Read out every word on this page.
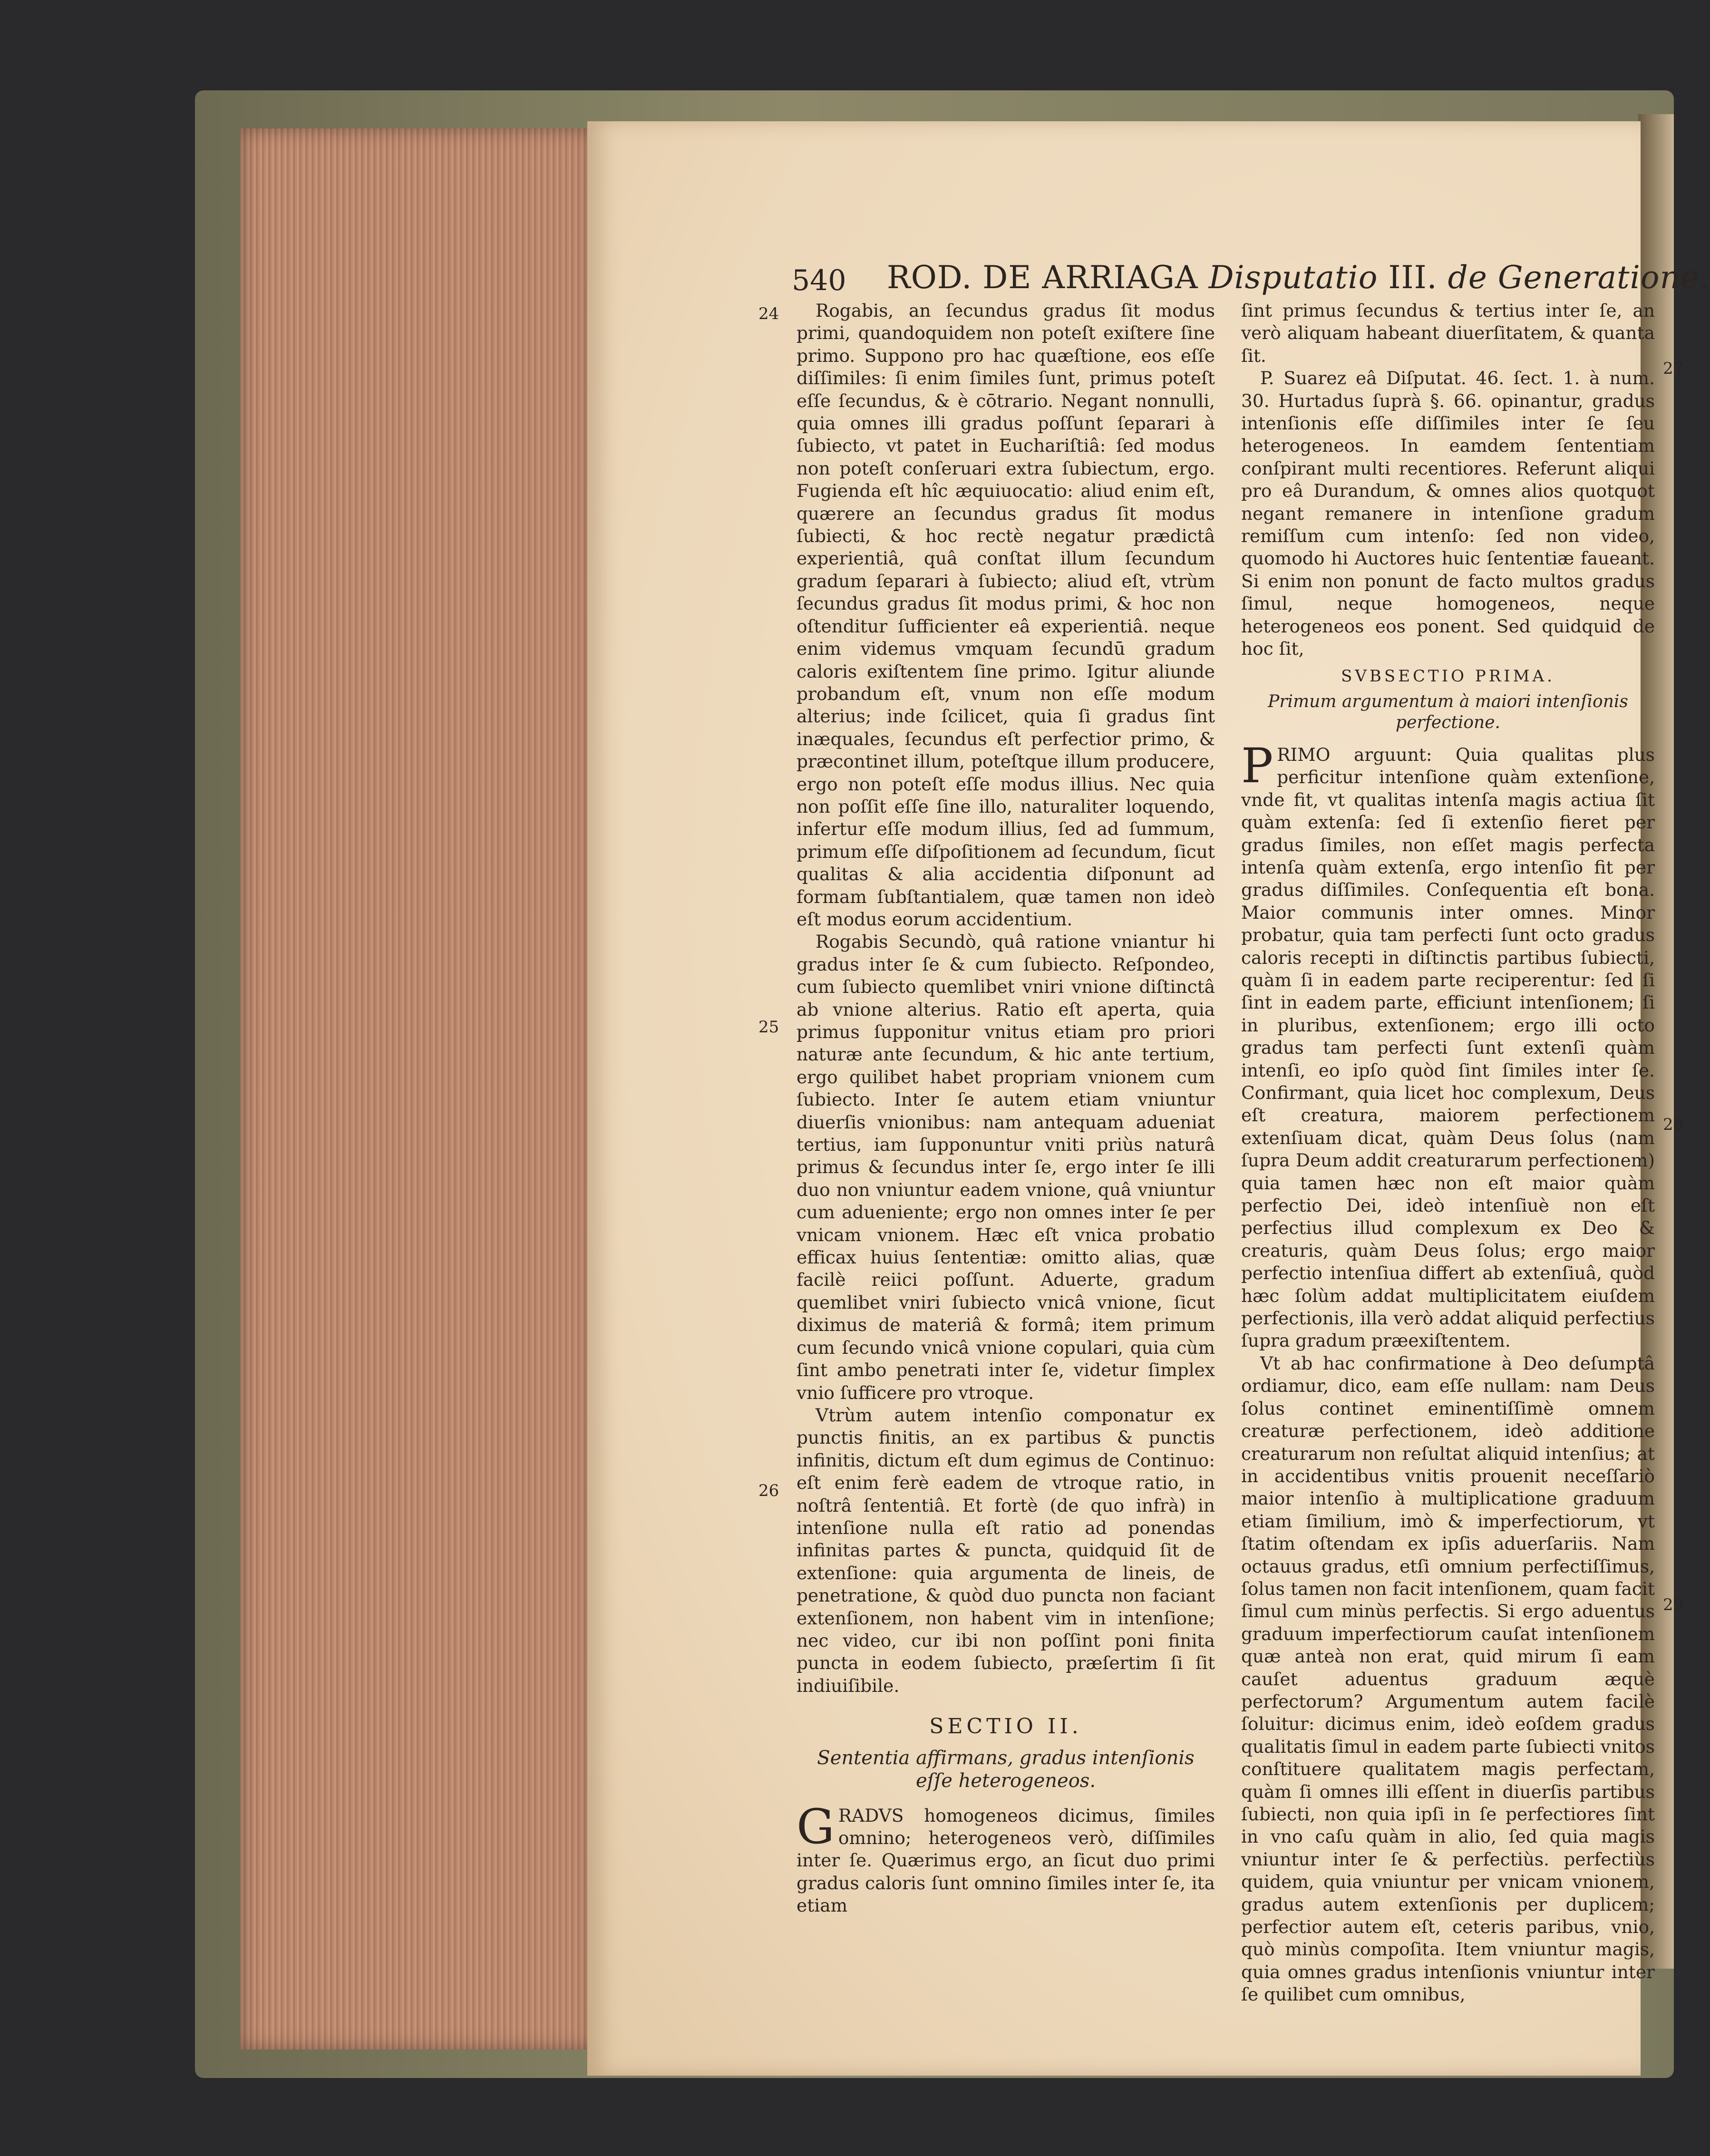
540 ROD. DE ARRIAGA Disputatio III. de Generatione.
24
25
26
27
28
29

Rogabis, an ſecundus gradus ſit modus primi, quandoquidem non poteſt exiſtere ſine primo. Suppono pro hac quæſtione, eos eſſe diſſimiles: ſi enim ſimiles ſunt, primus poteſt eſſe ſecundus, & è cōtrario. Negant nonnulli, quia omnes illi gradus poſſunt ſeparari à ſubiecto, vt patet in Euchariſtiâ: ſed modus non poteſt conſeruari extra ſubiectum, ergo. Fugienda eſt hîc æquiuocatio: aliud enim eſt, quærere an ſecundus gradus ſit modus ſubiecti, & hoc rectè negatur prædictâ experientiâ, quâ conſtat illum ſecundum gradum ſeparari à ſubiecto; aliud eſt, vtrùm ſecundus gradus ſit modus primi, & hoc non oſtenditur ſufficienter eâ experientiâ. neque enim videmus vmquam ſecundū gradum caloris exiſtentem ſine primo. Igitur aliunde probandum eſt, vnum non eſſe modum alterius; inde ſcilicet, quia ſi gradus ſint inæquales, ſecundus eſt perfectior primo, & præcontinet illum, poteſtque illum producere, ergo non poteſt eſſe modus illius. Nec quia non poſſit eſſe ſine illo, naturaliter loquendo, infertur eſſe modum illius, ſed ad ſummum, primum eſſe diſpoſitionem ad ſecundum, ſicut qualitas & alia accidentia diſponunt ad formam ſubſtantialem, quæ tamen non ideò eſt modus eorum accidentium.

Rogabis Secundò, quâ ratione vniantur hi gradus inter ſe & cum ſubiecto. Reſpondeo, cum ſubiecto quemlibet vniri vnione diſtinctâ ab vnione alterius. Ratio eſt aperta, quia primus ſupponitur vnitus etiam pro priori naturæ ante ſecundum, & hic ante tertium, ergo quilibet habet propriam vnionem cum ſubiecto. Inter ſe autem etiam vniuntur diuerſis vnionibus: nam antequam adueniat tertius, iam ſupponuntur vniti priùs naturâ primus & ſecundus inter ſe, ergo inter ſe illi duo non vniuntur eadem vnione, quâ vniuntur cum adueniente; ergo non omnes inter ſe per vnicam vnionem. Hæc eſt vnica probatio efficax huius ſententiæ: omitto alias, quæ facilè reiici poſſunt. Aduerte, gradum quemlibet vniri ſubiecto vnicâ vnione, ſicut diximus de materiâ & formâ; item primum cum ſecundo vnicâ vnione copulari, quia cùm ſint ambo penetrati inter ſe, videtur ſimplex vnio ſufficere pro vtroque.

Vtrùm autem intenſio componatur ex punctis finitis, an ex partibus & punctis infinitis, dictum eſt dum egimus de Continuo: eſt enim ferè eadem de vtroque ratio, in noſtrâ ſententiâ. Et fortè (de quo infrà) in intenſione nulla eſt ratio ad ponendas infinitas partes & puncta, quidquid ſit de extenſione: quia argumenta de lineis, de penetratione, & quòd duo puncta non faciant extenſionem, non habent vim in intenſione; nec video, cur ibi non poſſint poni finita puncta in eodem ſubiecto, præſertim ſi ſit indiuiſibile.

SECTIO II.
Sententia affirmans, gradus intenſionis eſſe heterogeneos.

GRADVS homogeneos dicimus, ſimiles omnino; heterogeneos verò, diſſimiles inter ſe. Quærimus ergo, an ſicut duo primi gradus caloris ſunt omnino ſimiles inter ſe, ita etiam

ſint primus ſecundus & tertius inter ſe, an verò aliquam habeant diuerſitatem, & quanta ſit.

P. Suarez eâ Diſputat. 46. ſect. 1. à num. 30. Hurtadus ſuprà §. 66. opinantur, gradus intenſionis eſſe diſſimiles inter ſe ſeu heterogeneos. In eamdem ſententiam conſpirant multi recentiores. Referunt aliqui pro eâ Durandum, & omnes alios quotquot negant remanere in intenſione gradum remiſſum cum intenſo: ſed non video, quomodo hi Auctores huic ſententiæ faueant. Si enim non ponunt de facto multos gradus ſimul, neque homogeneos, neque heterogeneos eos ponent. Sed quidquid de hoc ſit,

SVBSECTIO PRIMA.
Primum argumentum à maiori intenſionis perfectione.

PRIMO arguunt: Quia qualitas plus perficitur intenſione quàm extenſione, vnde fit, vt qualitas intenſa magis actiua ſit quàm extenſa: ſed ſi extenſio fieret per gradus ſimiles, non eſſet magis perfecta intenſa quàm extenſa, ergo intenſio fit per gradus diſſimiles. Conſequentia eſt bona. Maior communis inter omnes. Minor probatur, quia tam perfecti ſunt octo gradus caloris recepti in diſtinctis partibus ſubiecti, quàm ſi in eadem parte reciperentur: ſed ſi ſint in eadem parte, efficiunt intenſionem; ſi in pluribus, extenſionem; ergo illi octo gradus tam perfecti ſunt extenſi quàm intenſi, eo ipſo quòd ſint ſimiles inter ſe. Confirmant, quia licet hoc complexum, Deus eſt creatura, maiorem perfectionem extenſiuam dicat, quàm Deus ſolus (nam ſupra Deum addit creaturarum perfectionem) quia tamen hæc non eſt maior quàm perfectio Dei, ideò intenſiuè non eſt perfectius illud complexum ex Deo & creaturis, quàm Deus ſolus; ergo maior perfectio intenſiua differt ab extenſiuâ, quòd hæc ſolùm addat multiplicitatem eiuſdem perfectionis, illa verò addat aliquid perfectius ſupra gradum præexiſtentem.

Vt ab hac confirmatione à Deo deſumptâ ordiamur, dico, eam eſſe nullam: nam Deus ſolus continet eminentiſſimè omnem creaturæ perfectionem, ideò additione creaturarum non reſultat aliquid intenſius; at in accidentibus vnitis prouenit neceſſariò maior intenſio à multiplicatione graduum etiam ſimilium, imò & imperfectiorum, vt ſtatim oſtendam ex ipſis aduerſariis. Nam octauus gradus, etſi omnium perfectiſſimus, ſolus tamen non facit intenſionem, quam facit ſimul cum minùs perfectis. Si ergo aduentus graduum imperfectiorum cauſat intenſionem quæ anteà non erat, quid mirum ſi eam cauſet aduentus graduum æquè perfectorum? Argumentum autem facilè ſoluitur: dicimus enim, ideò eoſdem gradus qualitatis ſimul in eadem parte ſubiecti vnitos conſtituere qualitatem magis perfectam, quàm ſi omnes illi eſſent in diuerſis partibus ſubiecti, non quia ipſi in ſe perfectiores ſint in vno caſu quàm in alio, ſed quia magis vniuntur inter ſe & perfectiùs. perfectiùs quidem, quia vniuntur per vnicam vnionem, gradus autem extenſionis per duplicem; perfectior autem eſt, ceteris paribus, vnio, quò minùs compoſita. Item vniuntur magis, quia omnes gradus intenſionis vniuntur inter ſe quilibet cum omnibus,
